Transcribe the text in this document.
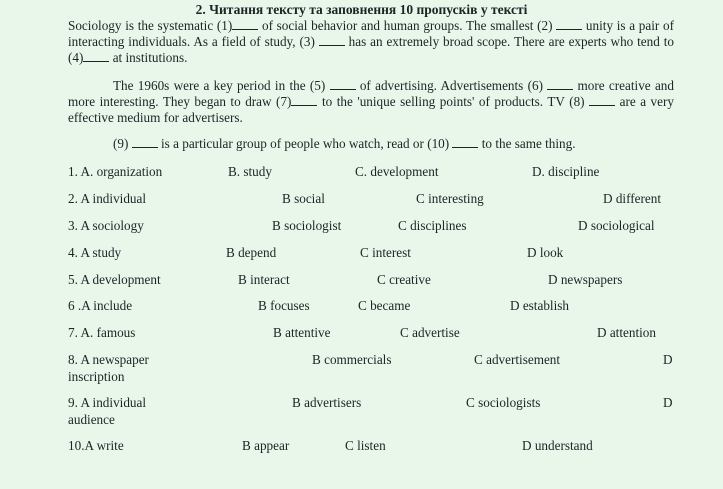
2. Читання тексту та заповнення 10 пропусків у тексті

Sociology is the systematic (1) of social behavior and human groups. The smallest (2)  unity is a pair of interacting individuals. As a field of study, (3)  has an extremely broad scope. There are experts who tend to (4) at institutions.

The 1960s were a key period in the (5)  of advertising. Advertisements (6)  more creative and more interesting. They began to draw (7) to the 'unique selling points' of products. TV (8)  are a very effective medium for advertisers.

(9)  is a particular group of people who watch, read or (10)  to the same thing.

1. A. organization	B. study	C. development	D. discipline
2. A individual	B social	C interesting	D different
3. A sociology	B sociologist	C disciplines	D sociological
4. A study	B depend	C interest	D look
5. A development	B interact	C creative	D newspapers
6 .A include	B focuses	C became	D establish
7. A. famous	B attentive	C advertise	D attention
8. A newspaper	B commercials	C advertisement	D
inscription
9. A individual	B advertisers	C sociologists	D
audience
10.A write	B appear	C listen	D understand
